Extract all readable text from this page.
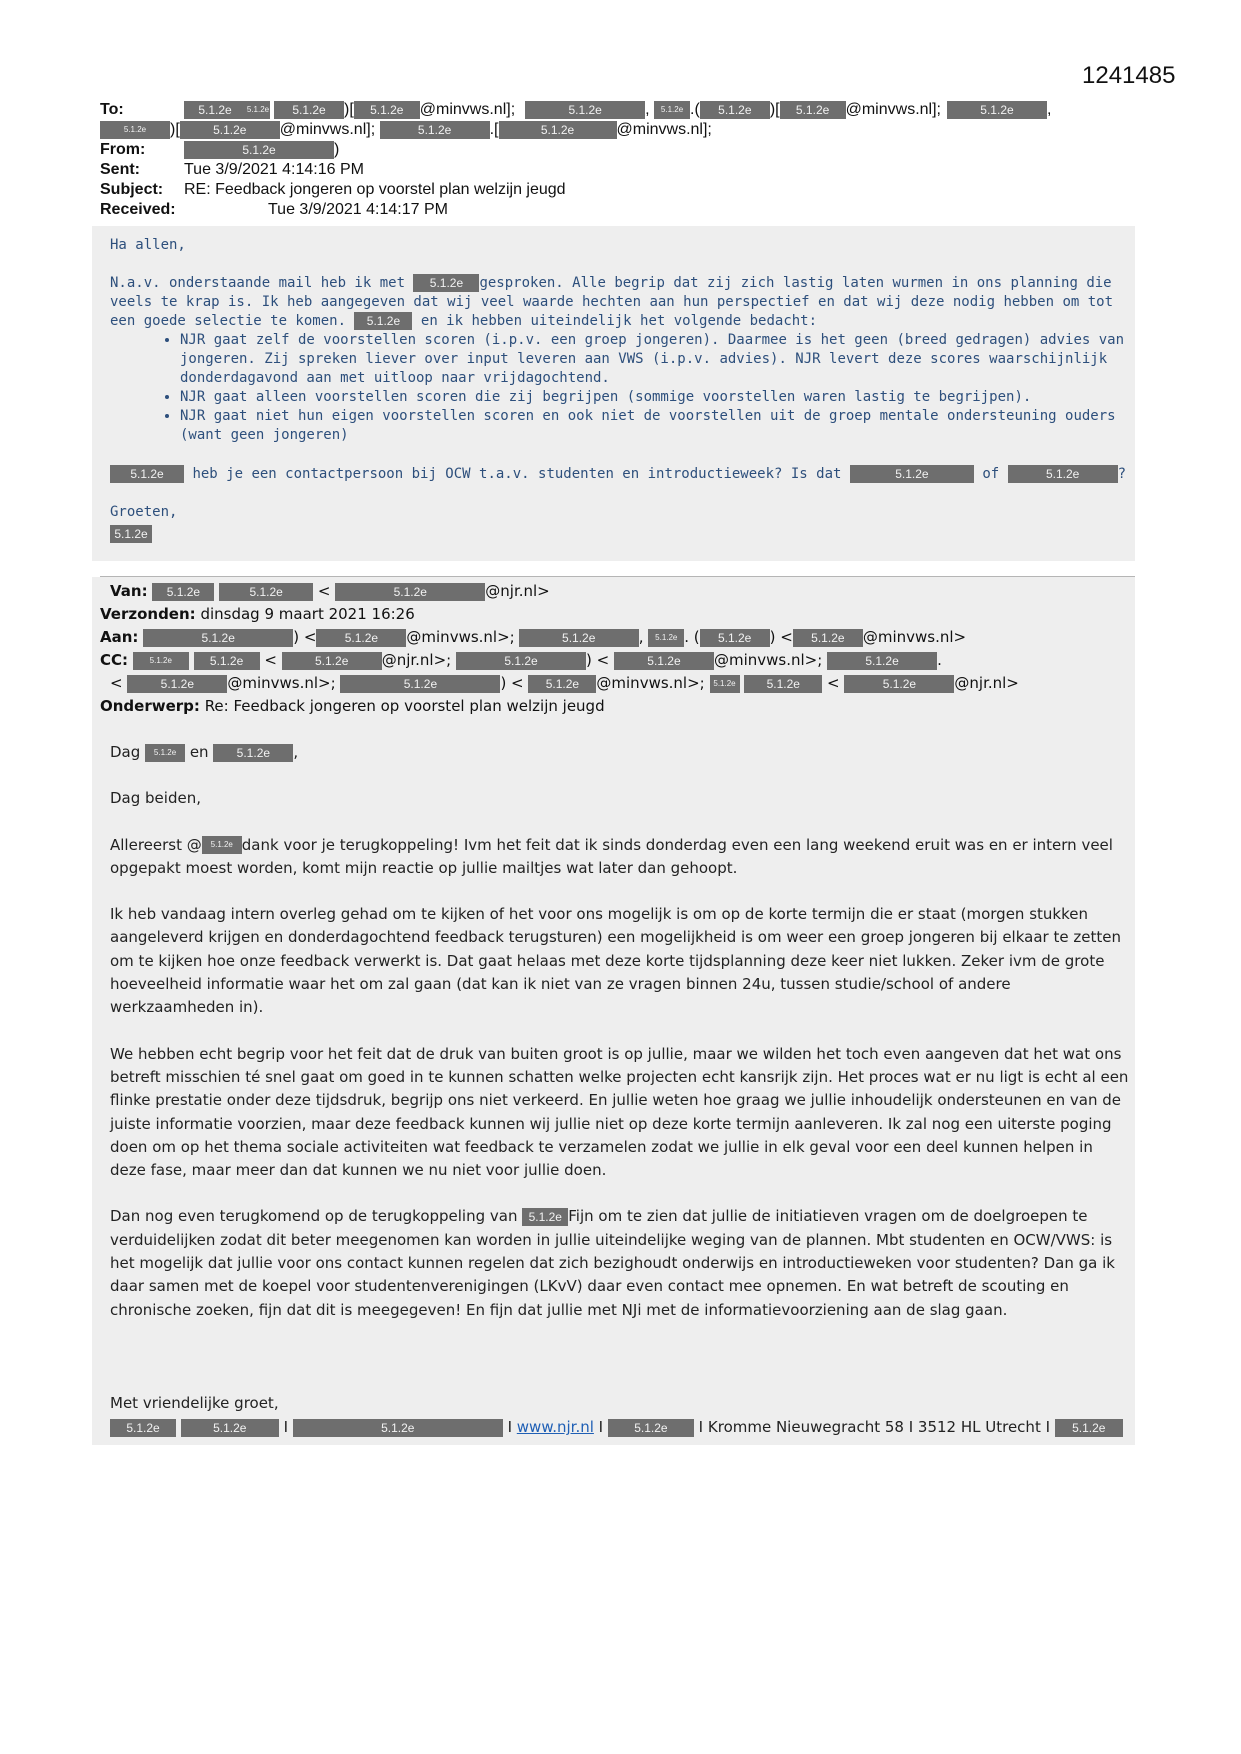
1241485
To:	5.1.2e 5.1.2e 5.1.2e )[ 5.1.2e @minvws.nl];	5.1.2e	, 5.1.2e .( 5.1.2e )[ 5.1.2e @minvws.nl];	5.1.2e ,
5.1.2e )[	5.1.2e @minvws.nl];	5.1.2e .[	5.1.2e	@minvws.nl];
From:	5.1.2e	)
Sent:	Tue 3/9/2021 4:14:16 PM
Subject: RE: Feedback jongeren op voorstel plan welzijn jeugd
Received:	Tue 3/9/2021 4:14:17 PM

Ha allen,

N.a.v. onderstaande mail heb ik met 5.1.2e gesproken. Alle begrip dat zij zich lastig laten wurmen in ons planning die veels te krap is. Ik heb aangegeven dat wij veel waarde hechten aan hun perspectief en dat wij deze nodig hebben om tot een goede selectie te komen. 5.1.2e en ik hebben uiteindelijk het volgende bedacht:

• NJR gaat zelf de voorstellen scoren (i.p.v. een groep jongeren). Daarmee is het geen (breed gedragen) advies van jongeren. Zij spreken liever over input leveren aan VWS (i.p.v. advies). NJR levert deze scores waarschijnlijk donderdagavond aan met uitloop naar vrijdagochtend.
• NJR gaat alleen voorstellen scoren die zij begrijpen (sommige voorstellen waren lastig te begrijpen).
• NJR gaat niet hun eigen voorstellen scoren en ook niet de voorstellen uit de groep mentale ondersteuning ouders (want geen jongeren)

5.1.2e heb je een contactpersoon bij OCW t.a.v. studenten en introductieweek? Is dat	5.1.2e	of	5.1.2e	?

Groeten,

5.1.2e

Van: 5.1.2e	5.1.2e <	5.1.2e	@njr.nl>
Verzonden: dinsdag 9 maart 2021 16:26
Aan:	5.1.2e	) < 5.1.2e @minvws.nl>;	5.1.2e	, 5.1.2e . ( 5.1.2e ) < 5.1.2e @minvws.nl>
CC:	5.1.2e	5.1.2e <	5.1.2e @njr.nl>;	5.1.2e	) <	5.1.2e @minvws.nl>;	5.1.2e	.
<	5.1.2e @minvws.nl>;	5.1.2e	) < 5.1.2e @minvws.nl>; 5.1.2e	5.1.2e <	5.1.2e	@njr.nl>
Onderwerp: Re: Feedback jongeren op voorstel plan welzijn jeugd

Dag 5.1.2e en 5.1.2e ,

Dag beiden,

Allereerst @ 5.1.2e dank voor je terugkoppeling! Ivm het feit dat ik sinds donderdag even een lang weekend eruit was en er intern veel opgepakt moest worden, komt mijn reactie op jullie mailtjes wat later dan gehoopt.

Ik heb vandaag intern overleg gehad om te kijken of het voor ons mogelijk is om op de korte termijn die er staat (morgen stukken aangeleverd krijgen en donderdagochtend feedback terugsturen) een mogelijkheid is om weer een groep jongeren bij elkaar te zetten om te kijken hoe onze feedback verwerkt is. Dat gaat helaas met deze korte tijdsplanning deze keer niet lukken. Zeker ivm de grote hoeveelheid informatie waar het om zal gaan (dat kan ik niet van ze vragen binnen 24u, tussen studie/school of andere werkzaamheden in).

We hebben echt begrip voor het feit dat de druk van buiten groot is op jullie, maar we wilden het toch even aangeven dat het wat ons betreft misschien té snel gaat om goed in te kunnen schatten welke projecten echt kansrijk zijn. Het proces wat er nu ligt is echt al een flinke prestatie onder deze tijdsdruk, begrijp ons niet verkeerd. En jullie weten hoe graag we jullie inhoudelijk ondersteunen en van de juiste informatie voorzien, maar deze feedback kunnen wij jullie niet op deze korte termijn aanleveren. Ik zal nog een uiterste poging doen om op het thema sociale activiteiten wat feedback te verzamelen zodat we jullie in elk geval voor een deel kunnen helpen in deze fase, maar meer dan dat kunnen we nu niet voor jullie doen.

Dan nog even terugkomend op de terugkoppeling van 5.1.2e Fijn om te zien dat jullie de initiatieven vragen om de doelgroepen te verduidelijken zodat dit beter meegenomen kan worden in jullie uiteindelijke weging van de plannen. Mbt studenten en OCW/VWS: is het mogelijk dat jullie voor ons contact kunnen regelen dat zich bezighoudt onderwijs en introductieweken voor studenten? Dan ga ik daar samen met de koepel voor studentenverenigingen (LKvV) daar even contact mee opnemen. En wat betreft de scouting en chronische zoeken, fijn dat dit is meegegeven! En fijn dat jullie met NJi met de informatievoorziening aan de slag gaan.

Met vriendelijke groet,
5.1.2e	5.1.2e I	5.1.2e	I www.njr.nl I	5.1.2e I Kromme Nieuwegracht 58 I 3512 HL Utrecht I 5.1.2e
